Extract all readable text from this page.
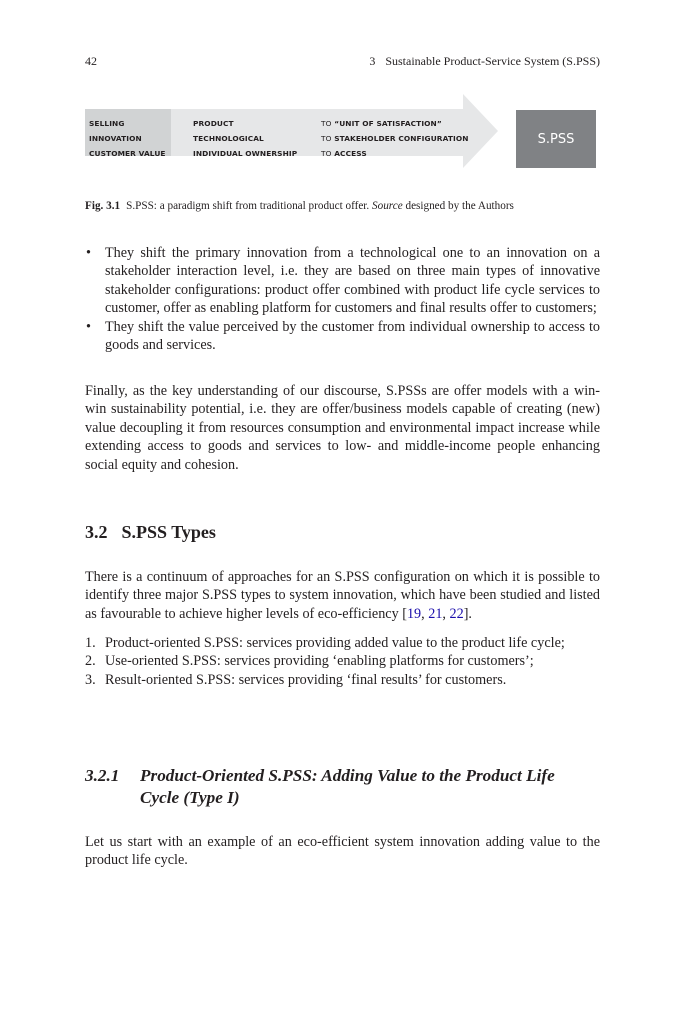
42	3 Sustainable Product-Service System (S.PSS)
SELLING
INNOVATION
CUSTOMER VALUE
PRODUCT
TECHNOLOGICAL
INDIVIDUAL OWNERSHIP
TO “UNIT OF SATISFACTION”
TO STAKEHOLDER CONFIGURATION
TO ACCESS
S.PSS
Fig. 3.1 S.PSS: a paradigm shift from traditional product offer. Source designed by the Authors
• They shift the primary innovation from a technological one to an innovation on a stakeholder interaction level, i.e. they are based on three main types of innovative stakeholder configurations: product offer combined with product life cycle services to customer, offer as enabling platform for customers and final results offer to customers;
• They shift the value perceived by the customer from individual ownership to access to goods and services.

Finally, as the key understanding of our discourse, S.PSSs are offer models with a win-win sustainability potential, i.e. they are offer/business models capable of creating (new) value decoupling it from resources consumption and environmental impact increase while extending access to goods and services to low- and middle-income people enhancing social equity and cohesion.

3.2 S.PSS Types

There is a continuum of approaches for an S.PSS configuration on which it is possible to identify three major S.PSS types to system innovation, which have been studied and listed as favourable to achieve higher levels of eco-efficiency [19, 21, 22].

1. Product-oriented S.PSS: services providing added value to the product life cycle;
2. Use-oriented S.PSS: services providing ‘enabling platforms for customers’;
3. Result-oriented S.PSS: services providing ‘final results’ for customers.
3.2.1 Product-Oriented S.PSS: Adding Value to the Product Life Cycle (Type I)

Let us start with an example of an eco-efficient system innovation adding value to the product life cycle.
